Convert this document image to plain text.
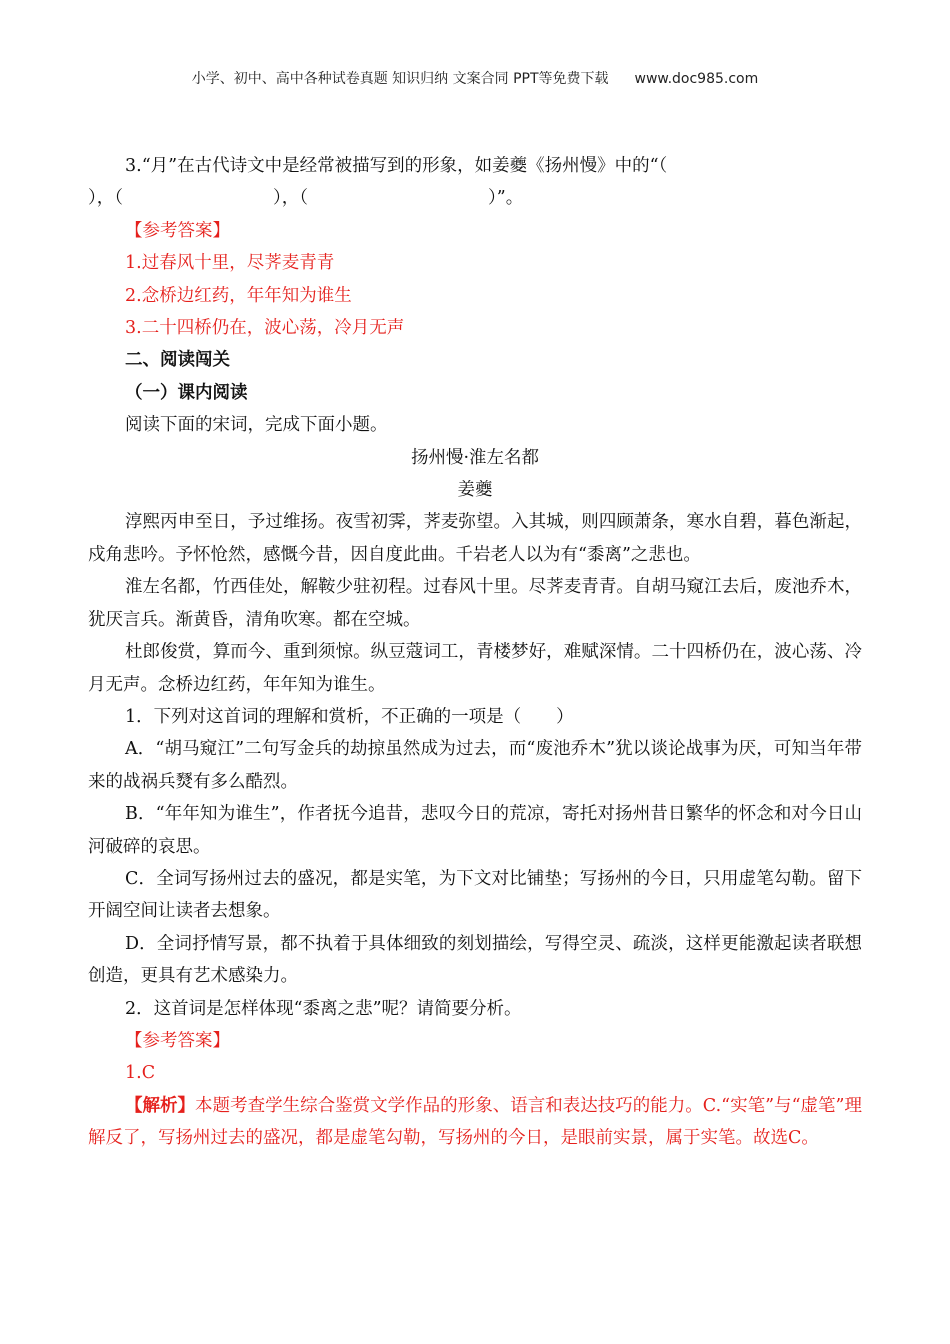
小学、初中、高中各种试卷真题 知识归纳 文案合同 PPT等免费下载 www.doc985.com

3.“月”在古代诗文中是经常被描写到的形象，如姜夔《扬州慢》中的“（

），（	），（	）”。

【参考答案】

1.过春风十里，尽荠麦青青

2.念桥边红药，年年知为谁生

3.二十四桥仍在，波心荡，冷月无声

二、阅读闯关

（一）课内阅读

阅读下面的宋词，完成下面小题。

扬州慢·淮左名都

姜夔

淳熙丙申至日，予过维扬。夜雪初霁，荠麦弥望。入其城，则四顾萧条，寒水自碧，暮色渐起，戍角悲吟。予怀怆然，感慨今昔，因自度此曲。千岩老人以为有“黍离”之悲也。

淮左名都，竹西佳处，解鞍少驻初程。过春风十里。尽荠麦青青。自胡马窥江去后，废池乔木，犹厌言兵。渐黄昏，清角吹寒。都在空城。

杜郎俊赏，算而今、重到须惊。纵豆蔻词工，青楼梦好，难赋深情。二十四桥仍在，波心荡、冷月无声。念桥边红药，年年知为谁生。

1．下列对这首词的理解和赏析，不正确的一项是（　　）

A．“胡马窥江”二句写金兵的劫掠虽然成为过去，而“废池乔木”犹以谈论战事为厌，可知当年带来的战祸兵燹有多么酷烈。

B．“年年知为谁生”，作者抚今追昔，悲叹今日的荒凉，寄托对扬州昔日繁华的怀念和对今日山河破碎的哀思。

C．全词写扬州过去的盛况，都是实笔，为下文对比铺垫；写扬州的今日，只用虚笔勾勒。留下开阔空间让读者去想象。

D．全词抒情写景，都不执着于具体细致的刻划描绘，写得空灵、疏淡，这样更能激起读者联想创造，更具有艺术感染力。

2．这首词是怎样体现“黍离之悲”呢？请简要分析。

【参考答案】

1.C

【解析】本题考查学生综合鉴赏文学作品的形象、语言和表达技巧的能力。C.“实笔”与“虚笔”理解反了，写扬州过去的盛况，都是虚笔勾勒，写扬州的今日，是眼前实景，属于实笔。故选C。
